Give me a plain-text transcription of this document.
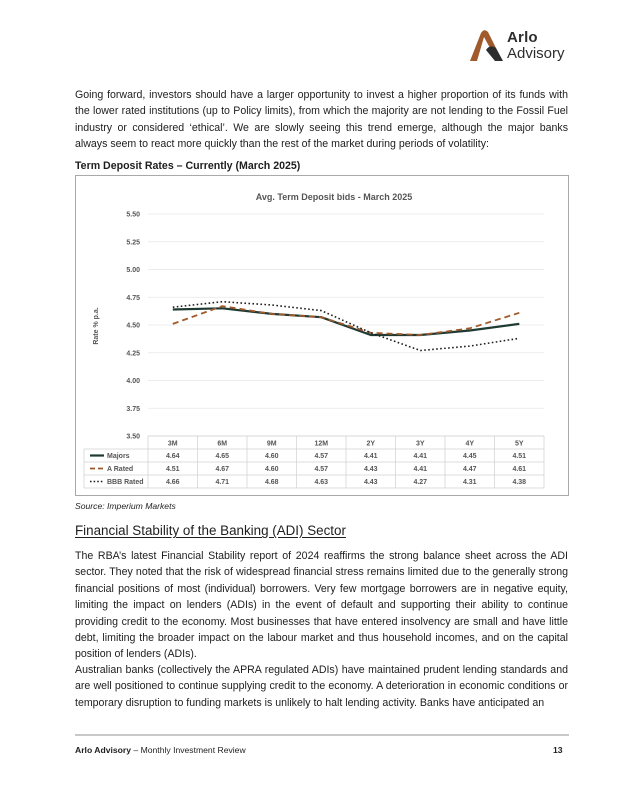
Arlo
Advisory

Going forward, investors should have a larger opportunity to invest a higher proportion of its funds with the lower rated institutions (up to Policy limits), from which the majority are not lending to the Fossil Fuel industry or considered ‘ethical’. We are slowly seeing this trend emerge, although the major banks always seem to react more quickly than the rest of the market during periods of volatility:

Term Deposit Rates – Currently (March 2025)
Avg. Term Deposit bids - March 2025
Rate % p.a.
5.50
5.25
5.00
4.75
4.50
4.25
4.00
3.75
3.50
3M	6M	9M	12M	2Y	3Y	4Y	5Y
Majors	4.64	4.65	4.60	4.57	4.41	4.41	4.45	4.51
A Rated	4.51	4.67	4.60	4.57	4.43	4.41	4.47	4.61
BBB Rated	4.66	4.71	4.68	4.63	4.43	4.27	4.31	4.38
Source: Imperium Markets
Financial Stability of the Banking (ADI) Sector

The RBA’s latest Financial Stability report of 2024 reaffirms the strong balance sheet across the ADI sector. They noted that the risk of widespread financial stress remains limited due to the generally strong financial positions of most (individual) borrowers. Very few mortgage borrowers are in negative equity, limiting the impact on lenders (ADIs) in the event of default and supporting their ability to continue providing credit to the economy. Most businesses that have entered insolvency are small and have little debt, limiting the broader impact on the labour market and thus household incomes, and on the capital position of lenders (ADIs).

Australian banks (collectively the APRA regulated ADIs) have maintained prudent lending standards and are well positioned to continue supplying credit to the economy. A deterioration in economic conditions or temporary disruption to funding markets is unlikely to halt lending activity. Banks have anticipated an

Arlo Advisory – Monthly Investment Review	13
